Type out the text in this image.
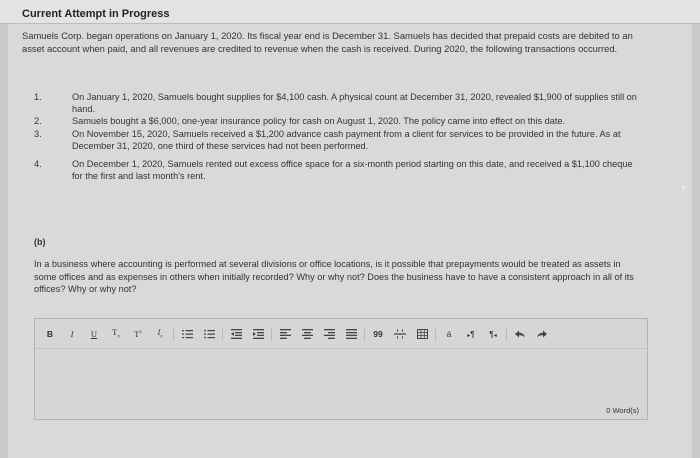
Current Attempt in Progress
Samuels Corp. began operations on January 1, 2020. Its fiscal year end is December 31. Samuels has decided that prepaid costs are debited to an asset account when paid, and all revenues are credited to revenue when the cash is received. During 2020, the following transactions occurred.
1.	On January 1, 2020, Samuels bought supplies for $4,100 cash. A physical count at December 31, 2020, revealed $1,900 of supplies still on hand.
2.	Samuels bought a $6,000, one-year insurance policy for cash on August 1, 2020. The policy came into effect on this date.
3.	On November 15, 2020, Samuels received a $1,200 advance cash payment from a client for services to be provided in the future. As at December 31, 2020, one third of these services had not been performed.
4.	On December 1, 2020, Samuels rented out excess office space for a six-month period starting on this date, and received a $1,100 cheque for the first and last month's rent.
(b)
In a business where accounting is performed at several divisions or office locations, is it possible that prepayments would be treated as assets in some offices and as expenses in others when initially recorded? Why or why not? Does the business have to have a consistent approach in all of its offices? Why or why not?
B I U $T_x$ $T^x$ $I_x$	99	á	▸¶ ¶◂
0 Word(s)
